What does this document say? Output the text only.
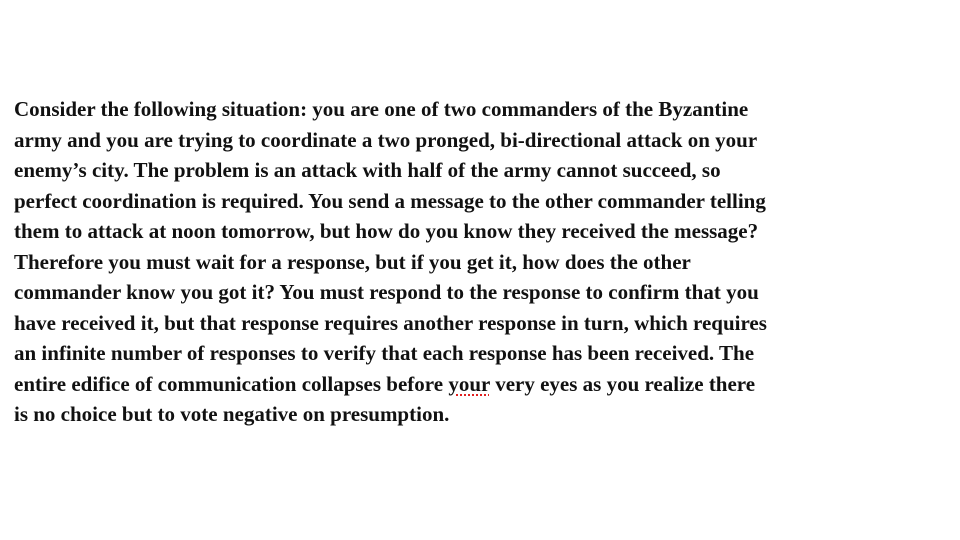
Consider the following situation: you are one of two commanders of the Byzantine
army and you are trying to coordinate a two pronged, bi-directional attack on your
enemy’s city. The problem is an attack with half of the army cannot succeed, so
perfect coordination is required. You send a message to the other commander telling
them to attack at noon tomorrow, but how do you know they received the message?
Therefore you must wait for a response, but if you get it, how does the other
commander know you got it? You must respond to the response to confirm that you
have received it, but that response requires another response in turn, which requires
an infinite number of responses to verify that each response has been received. The
entire edifice of communication collapses before your very eyes as you realize there
is no choice but to vote negative on presumption.
